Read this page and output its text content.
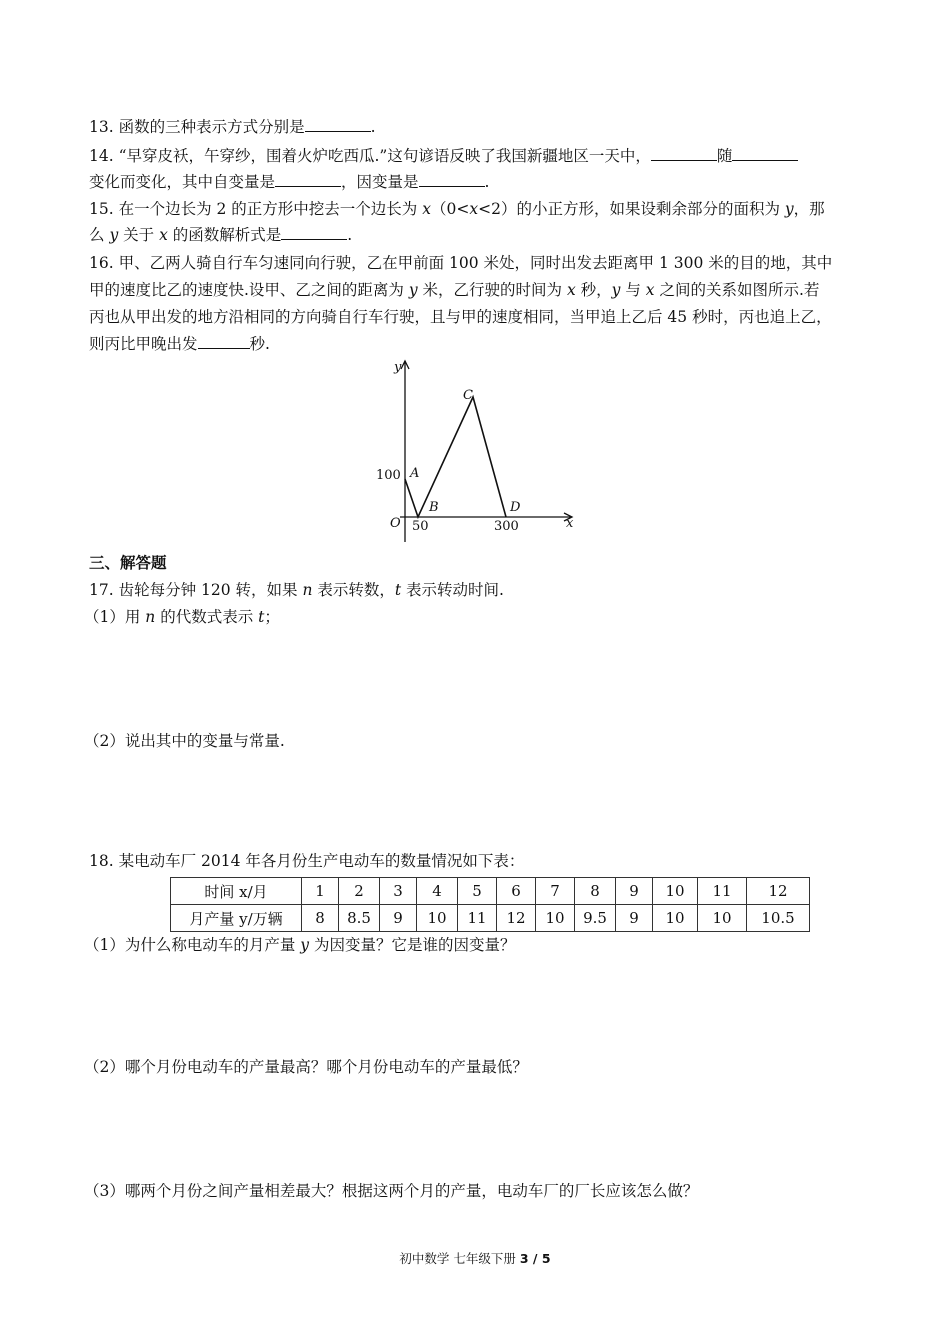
13. 函数的三种表示方式分别是	.
14. “早穿皮袄，午穿纱，围着火炉吃西瓜.”这句谚语反映了我国新疆地区一天中，	随
变化而变化，其中自变量是	，因变量是	.
15. 在一个边长为 2 的正方形中挖去一个边长为 x（0<x<2）的小正方形，如果设剩余部分的面积为 y，那
么 y 关于 x 的函数解析式是	.
16. 甲、乙两人骑自行车匀速同向行驶，乙在甲前面 100 米处，同时出发去距离甲 1 300 米的目的地，其中
甲的速度比乙的速度快.设甲、乙之间的距离为 y 米，乙行驶的时间为 x 秒，y 与 x 之间的关系如图所示.若
丙也从甲出发的地方沿相同的方向骑自行车行驶，且与甲的速度相同，当甲追上乙后 45 秒时，丙也追上乙，
则丙比甲晚出发	秒.
y
x
O
100 A
B
C
D
50	300
三、解答题
17. 齿轮每分钟 120 转，如果 n 表示转数，t 表示转动时间.
（1）用 n 的代数式表示 t；
（2）说出其中的变量与常量.
18. 某电动车厂 2014 年各月份生产电动车的数量情况如下表：
时间 x/月	1	2	3	4	5	6	7	8	9	10	11	12
月产量 y/万辆	8	8.5	9	10	11	12	10	9.5	9	10	10	10.5
（1）为什么称电动车的月产量 y 为因变量？它是谁的因变量？
（2）哪个月份电动车的产量最高？哪个月份电动车的产量最低？
（3）哪两个月份之间产量相差最大？根据这两个月的产量，电动车厂的厂长应该怎么做？
初中数学 七年级下册 3 / 5
